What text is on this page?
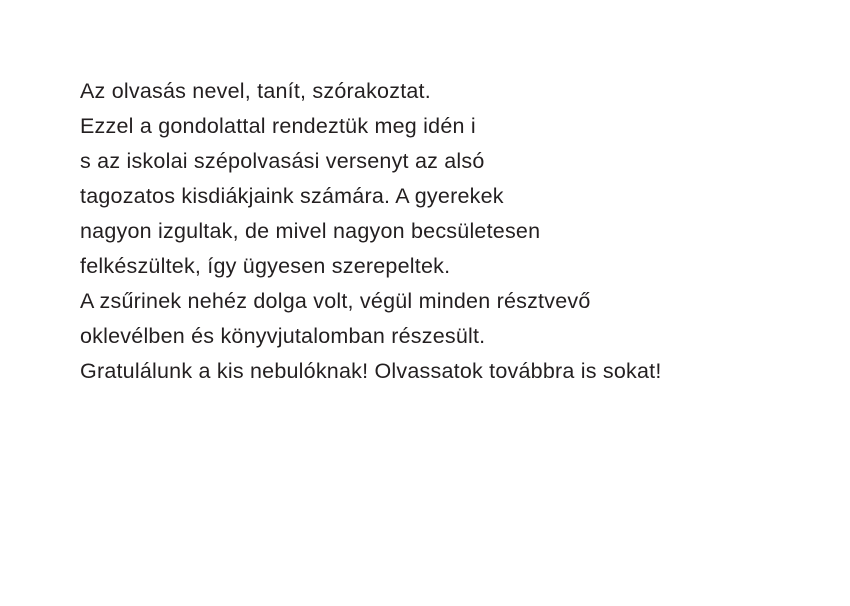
Az olvasás nevel, tanít, szórakoztat.
Ezzel a gondolattal rendeztük meg idén i
s az iskolai szépolvasási versenyt az alsó
tagozatos kisdiákjaink számára. A gyerekek
nagyon izgultak, de mivel nagyon becsületesen
felkészültek, így ügyesen szerepeltek.
A zsűrinek nehéz dolga volt, végül minden résztvevő
oklevélben és könyvjutalomban részesült.
Gratulálunk a kis nebulóknak! Olvassatok továbbra is sokat!
